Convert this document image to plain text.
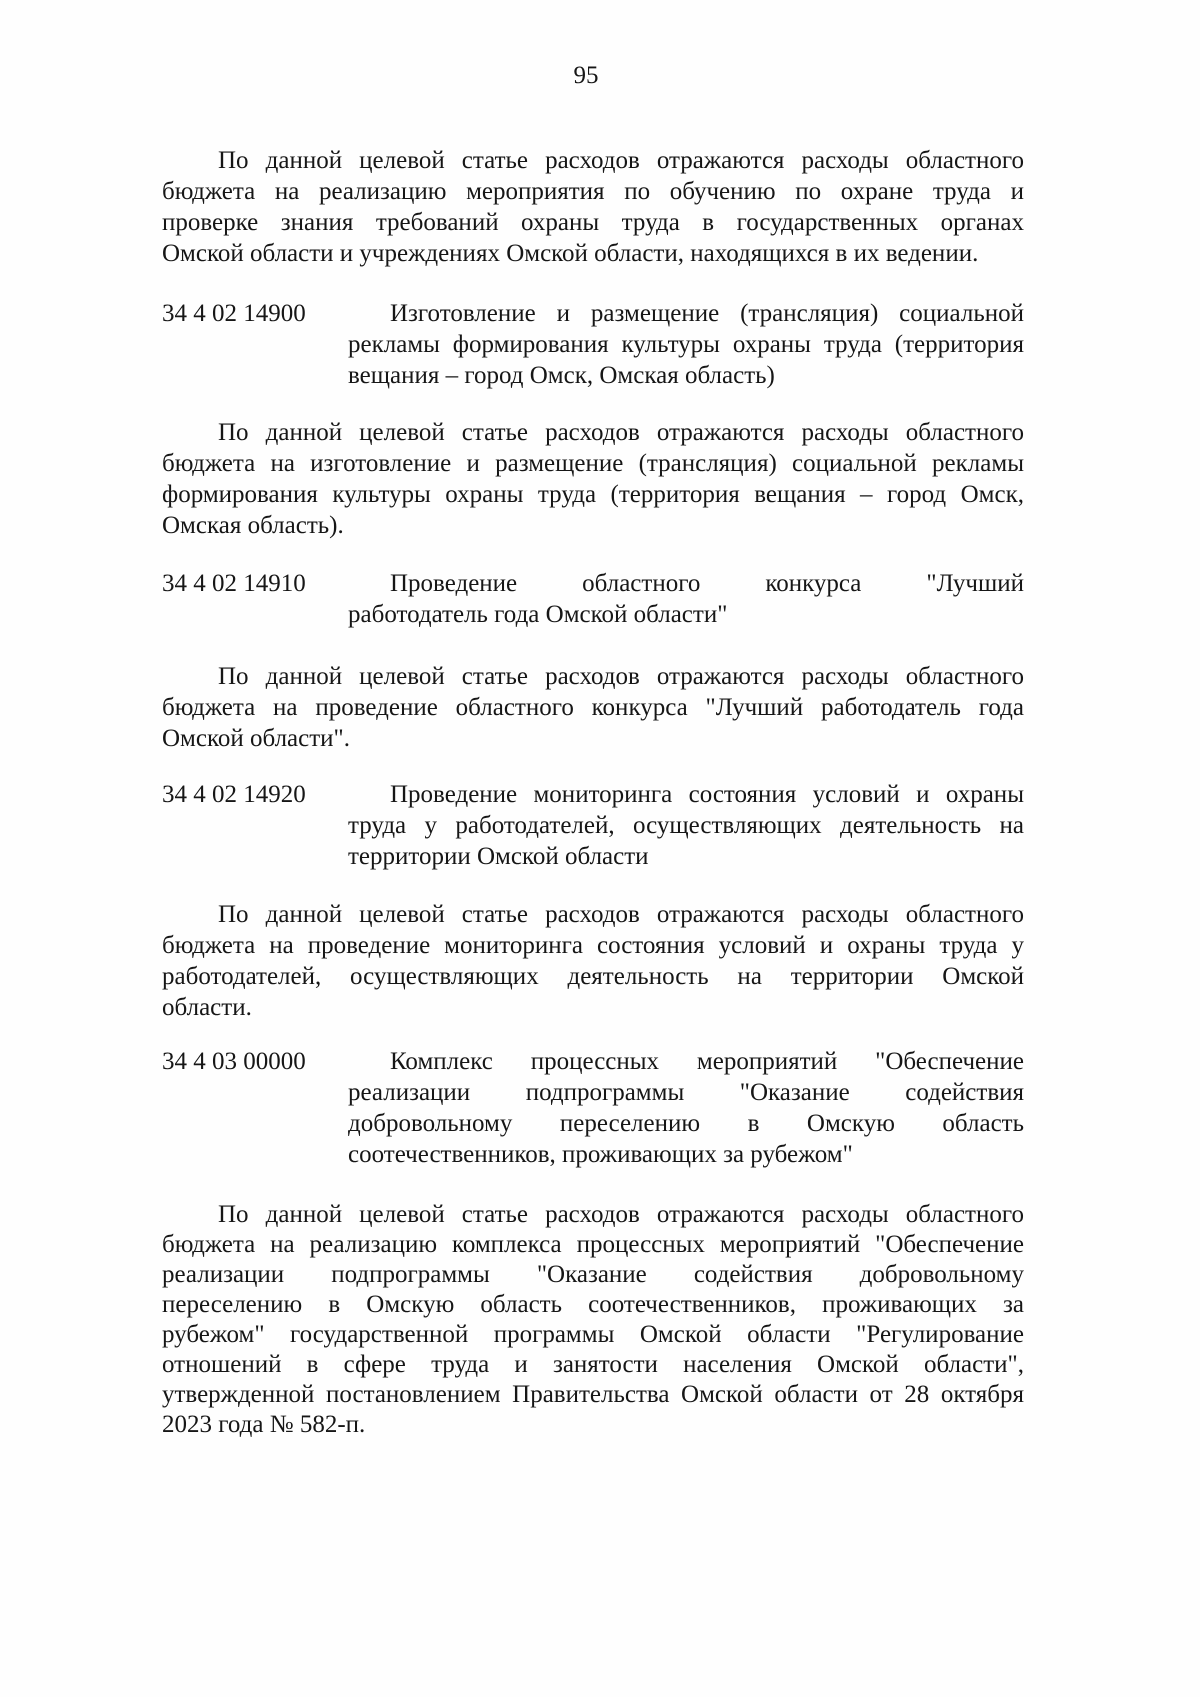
95
По данной целевой статье расходов отражаются расходы областного
бюджета на реализацию мероприятия по обучению по охране труда и
проверке знания требований охраны труда в государственных органах
Омской области и учреждениях Омской области, находящихся в их ведении.
34 4 02 14900	Изготовление и размещение (трансляция) социальной
рекламы формирования культуры охраны труда (территория
вещания – город Омск, Омская область)
По данной целевой статье расходов отражаются расходы областного
бюджета на изготовление и размещение (трансляция) социальной рекламы
формирования культуры охраны труда (территория вещания – город Омск,
Омская область).
34 4 02 14910	Проведение областного конкурса "Лучший
работодатель года Омской области"
По данной целевой статье расходов отражаются расходы областного
бюджета на проведение областного конкурса "Лучший работодатель года
Омской области".
34 4 02 14920	Проведение мониторинга состояния условий и охраны
труда у работодателей, осуществляющих деятельность на
территории Омской области
По данной целевой статье расходов отражаются расходы областного
бюджета на проведение мониторинга состояния условий и охраны труда у
работодателей, осуществляющих деятельность на территории Омской
области.
34 4 03 00000	Комплекс процессных мероприятий "Обеспечение
реализации подпрограммы "Оказание содействия
добровольному переселению в Омскую область
соотечественников, проживающих за рубежом"
По данной целевой статье расходов отражаются расходы областного
бюджета на реализацию комплекса процессных мероприятий "Обеспечение
реализации подпрограммы "Оказание содействия добровольному
переселению в Омскую область соотечественников, проживающих за
рубежом" государственной программы Омской области "Регулирование
отношений в сфере труда и занятости населения Омской области",
утвержденной постановлением Правительства Омской области от 28 октября
2023 года № 582-п.
